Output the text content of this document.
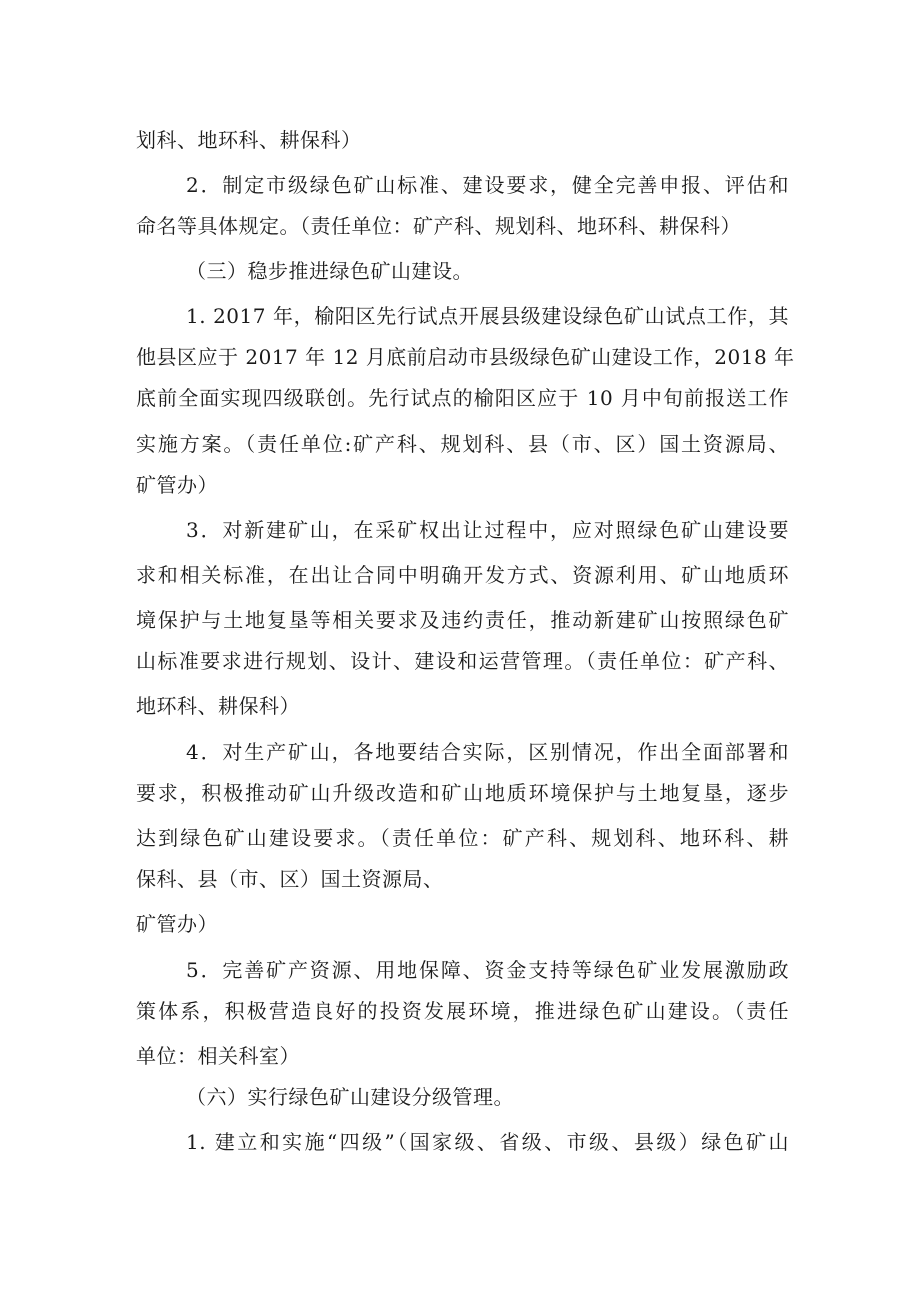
划科、地环科、耕保科）
2．制定市级绿色矿山标准、建设要求，健全完善申报、评估和
命名等具体规定。（责任单位：矿产科、规划科、地环科、耕保科）
（三）稳步推进绿色矿山建设。
1. 2017 年，榆阳区先行试点开展县级建设绿色矿山试点工作，其
他县区应于 2017 年 12 月底前启动市县级绿色矿山建设工作，2018 年
底前全面实现四级联创。先行试点的榆阳区应于 10 月中旬前报送工作
实施方案。（责任单位:矿产科、规划科、县（市、区）国土资源局、
矿管办）
3．对新建矿山，在采矿权出让过程中，应对照绿色矿山建设要
求和相关标准，在出让合同中明确开发方式、资源利用、矿山地质环
境保护与土地复垦等相关要求及违约责任，推动新建矿山按照绿色矿
山标准要求进行规划、设计、建设和运营管理。（责任单位：矿产科、
地环科、耕保科）
4．对生产矿山，各地要结合实际，区别情况，作出全面部署和
要求，积极推动矿山升级改造和矿山地质环境保护与土地复垦，逐步
达到绿色矿山建设要求。（责任单位：矿产科、规划科、地环科、耕
保科、县（市、区）国土资源局、
矿管办）
5．完善矿产资源、用地保障、资金支持等绿色矿业发展激励政
策体系，积极营造良好的投资发展环境，推进绿色矿山建设。（责任
单位：相关科室）
（六）实行绿色矿山建设分级管理。
1. 建立和实施“四级”（国家级、省级、市级、县级）绿色矿山
